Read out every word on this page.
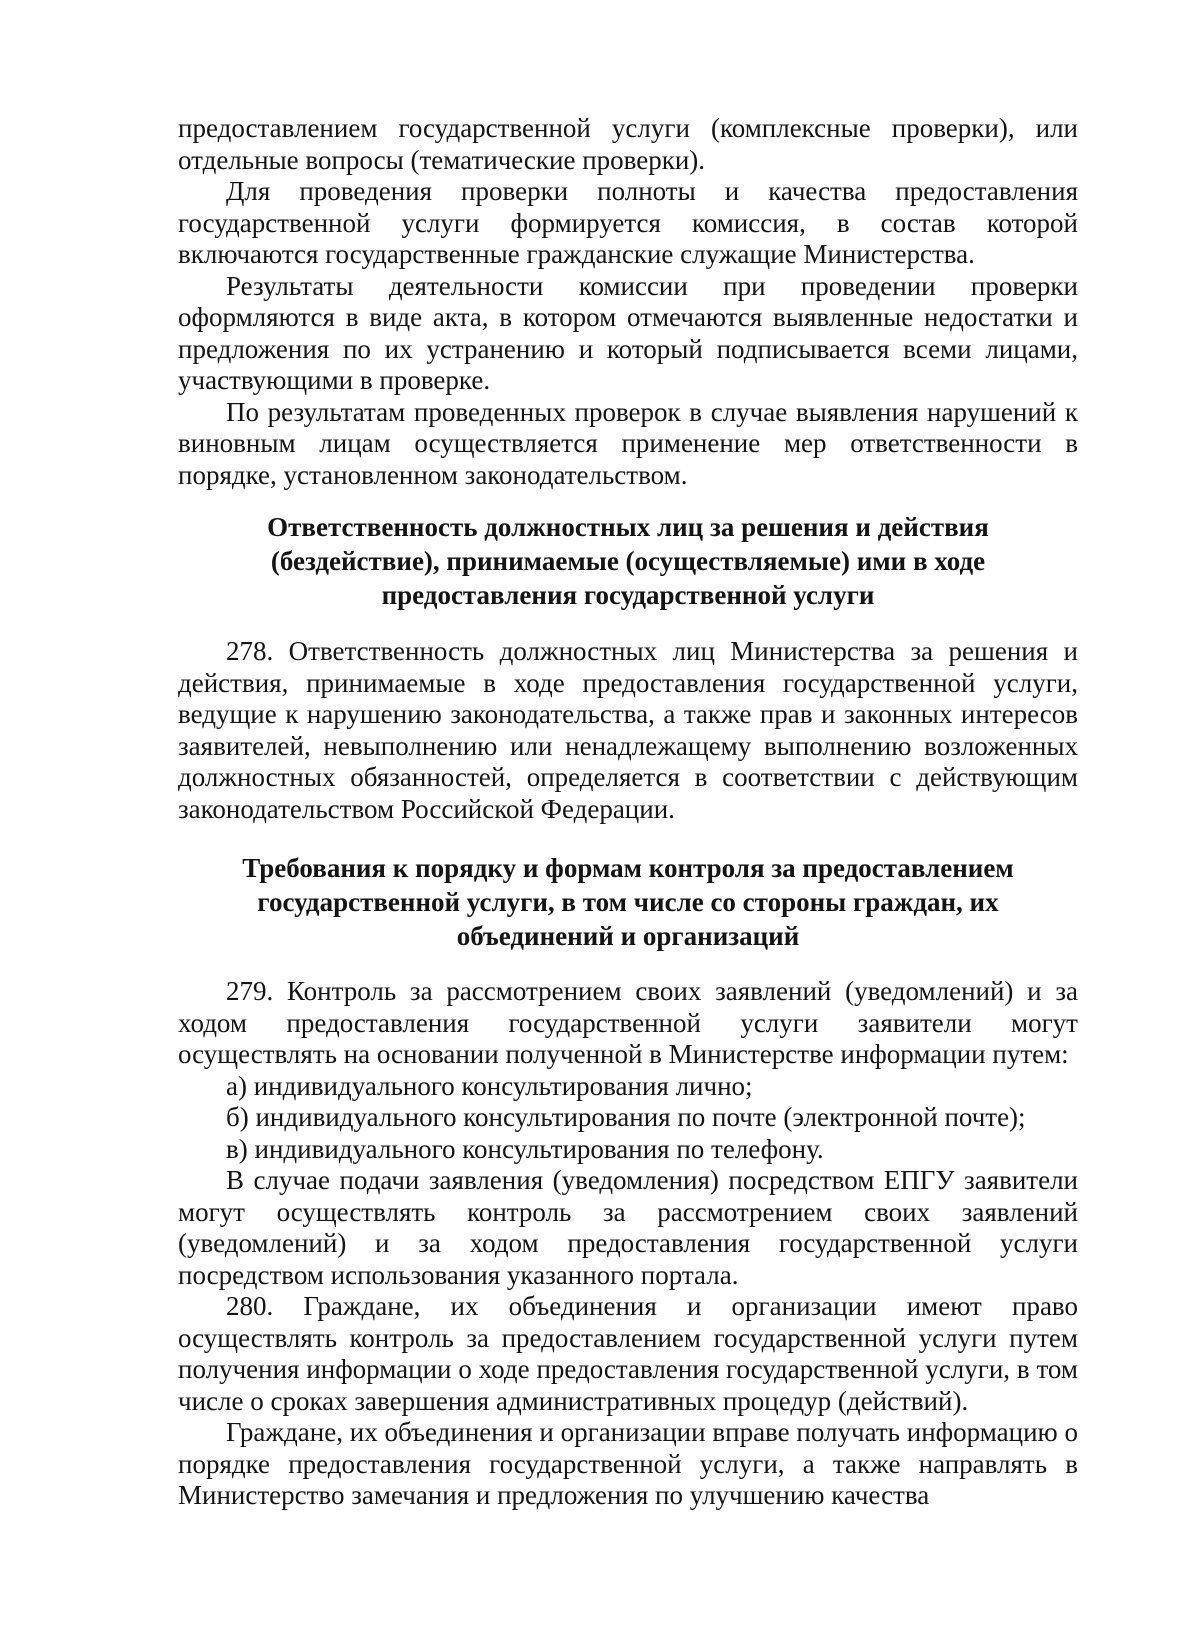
предоставлением государственной услуги (комплексные проверки), или отдельные вопросы (тематические проверки).

Для проведения проверки полноты и качества предоставления государственной услуги формируется комиссия, в состав которой включаются государственные гражданские служащие Министерства.

Результаты деятельности комиссии при проведении проверки оформляются в виде акта, в котором отмечаются выявленные недостатки и предложения по их устранению и который подписывается всеми лицами, участвующими в проверке.

По результатам проведенных проверок в случае выявления нарушений к виновным лицам осуществляется применение мер ответственности в порядке, установленном законодательством.

Ответственность должностных лиц за решения и действия
(бездействие), принимаемые (осуществляемые) ими в ходе
предоставления государственной услуги

278. Ответственность должностных лиц Министерства за решения и действия, принимаемые в ходе предоставления государственной услуги, ведущие к нарушению законодательства, а также прав и законных интересов заявителей, невыполнению или ненадлежащему выполнению возложенных должностных обязанностей, определяется в соответствии с действующим законодательством Российской Федерации.

Требования к порядку и формам контроля за предоставлением
государственной услуги, в том числе со стороны граждан, их
объединений и организаций

279. Контроль за рассмотрением своих заявлений (уведомлений) и за ходом предоставления государственной услуги заявители могут осуществлять на основании полученной в Министерстве информации путем:

а) индивидуального консультирования лично;

б) индивидуального консультирования по почте (электронной почте);

в) индивидуального консультирования по телефону.

В случае подачи заявления (уведомления) посредством ЕПГУ заявители могут осуществлять контроль за рассмотрением своих заявлений (уведомлений) и за ходом предоставления государственной услуги посредством использования указанного портала.

280. Граждане, их объединения и организации имеют право осуществлять контроль за предоставлением государственной услуги путем получения информации о ходе предоставления государственной услуги, в том числе о сроках завершения административных процедур (действий).

Граждане, их объединения и организации вправе получать информацию о порядке предоставления государственной услуги, а также направлять в Министерство замечания и предложения по улучшению качества
